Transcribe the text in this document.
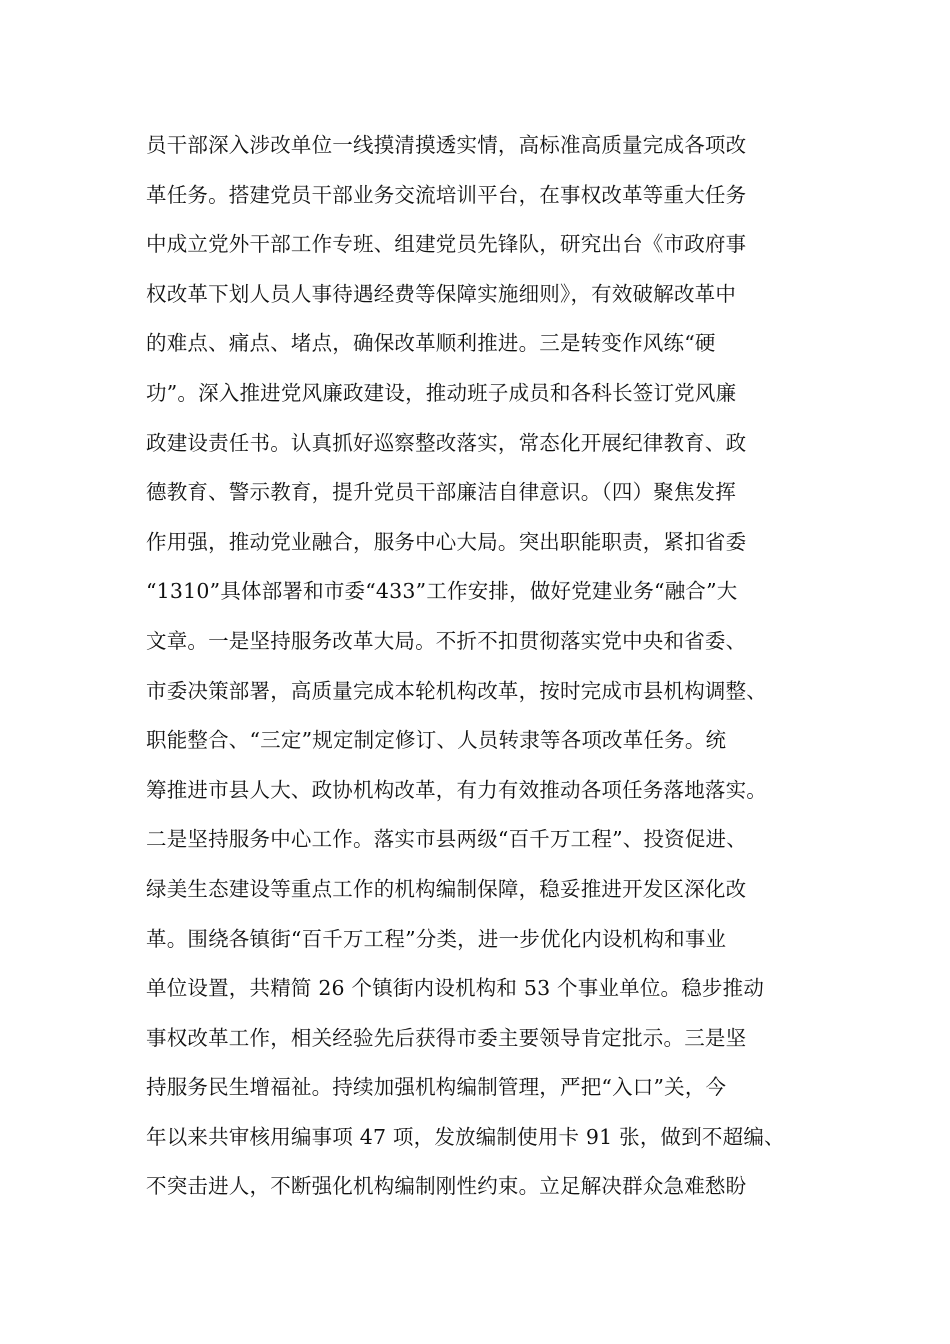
员干部深入涉改单位一线摸清摸透实情，高标准高质量完成各项改
革任务。搭建党员干部业务交流培训平台，在事权改革等重大任务
中成立党外干部工作专班、组建党员先锋队，研究出台《市政府事
权改革下划人员人事待遇经费等保障实施细则》，有效破解改革中
的难点、痛点、堵点，确保改革顺利推进。三是转变作风练“硬
功”。深入推进党风廉政建设，推动班子成员和各科长签订党风廉
政建设责任书。认真抓好巡察整改落实，常态化开展纪律教育、政
德教育、警示教育，提升党员干部廉洁自律意识。（四）聚焦发挥
作用强，推动党业融合，服务中心大局。突出职能职责，紧扣省委
“1310”具体部署和市委“433”工作安排，做好党建业务“融合”大
文章。一是坚持服务改革大局。不折不扣贯彻落实党中央和省委、
市委决策部署，高质量完成本轮机构改革，按时完成市县机构调整、
职能整合、“三定”规定制定修订、人员转隶等各项改革任务。统
筹推进市县人大、政协机构改革，有力有效推动各项任务落地落实。
二是坚持服务中心工作。落实市县两级“百千万工程”、投资促进、
绿美生态建设等重点工作的机构编制保障，稳妥推进开发区深化改
革。围绕各镇街“百千万工程”分类，进一步优化内设机构和事业
单位设置，共精简 26 个镇街内设机构和 53 个事业单位。稳步推动
事权改革工作，相关经验先后获得市委主要领导肯定批示。三是坚
持服务民生增福祉。持续加强机构编制管理，严把“入口”关，今
年以来共审核用编事项 47 项，发放编制使用卡 91 张，做到不超编、
不突击进人，不断强化机构编制刚性约束。立足解决群众急难愁盼
